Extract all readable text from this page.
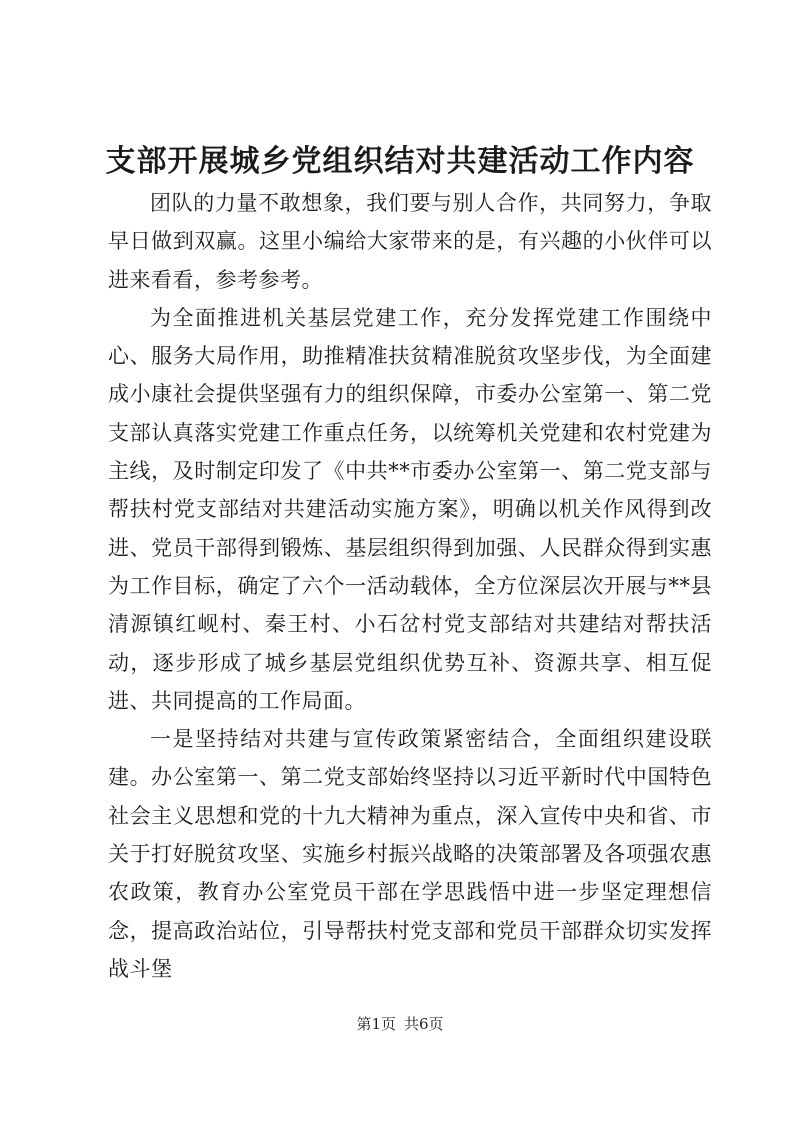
支部开展城乡党组织结对共建活动工作内容

团队的力量不敢想象，我们要与别人合作，共同努力，争取早日做到双赢。这里小编给大家带来的是，有兴趣的小伙伴可以进来看看，参考参考。

为全面推进机关基层党建工作，充分发挥党建工作围绕中心、服务大局作用，助推精准扶贫精准脱贫攻坚步伐，为全面建成小康社会提供坚强有力的组织保障，市委办公室第一、第二党支部认真落实党建工作重点任务，以统筹机关党建和农村党建为主线，及时制定印发了《中共**市委办公室第一、第二党支部与帮扶村党支部结对共建活动实施方案》，明确以机关作风得到改进、党员干部得到锻炼、基层组织得到加强、人民群众得到实惠为工作目标，确定了六个一活动载体，全方位深层次开展与**县清源镇红岘村、秦王村、小石岔村党支部结对共建结对帮扶活动，逐步形成了城乡基层党组织优势互补、资源共享、相互促进、共同提高的工作局面。

一是坚持结对共建与宣传政策紧密结合，全面组织建设联建。办公室第一、第二党支部始终坚持以习近平新时代中国特色社会主义思想和党的十九大精神为重点，深入宣传中央和省、市关于打好脱贫攻坚、实施乡村振兴战略的决策部署及各项强农惠农政策，教育办公室党员干部在学思践悟中进一步坚定理想信念，提高政治站位，引导帮扶村党支部和党员干部群众切实发挥战斗堡

第1页 共6页
